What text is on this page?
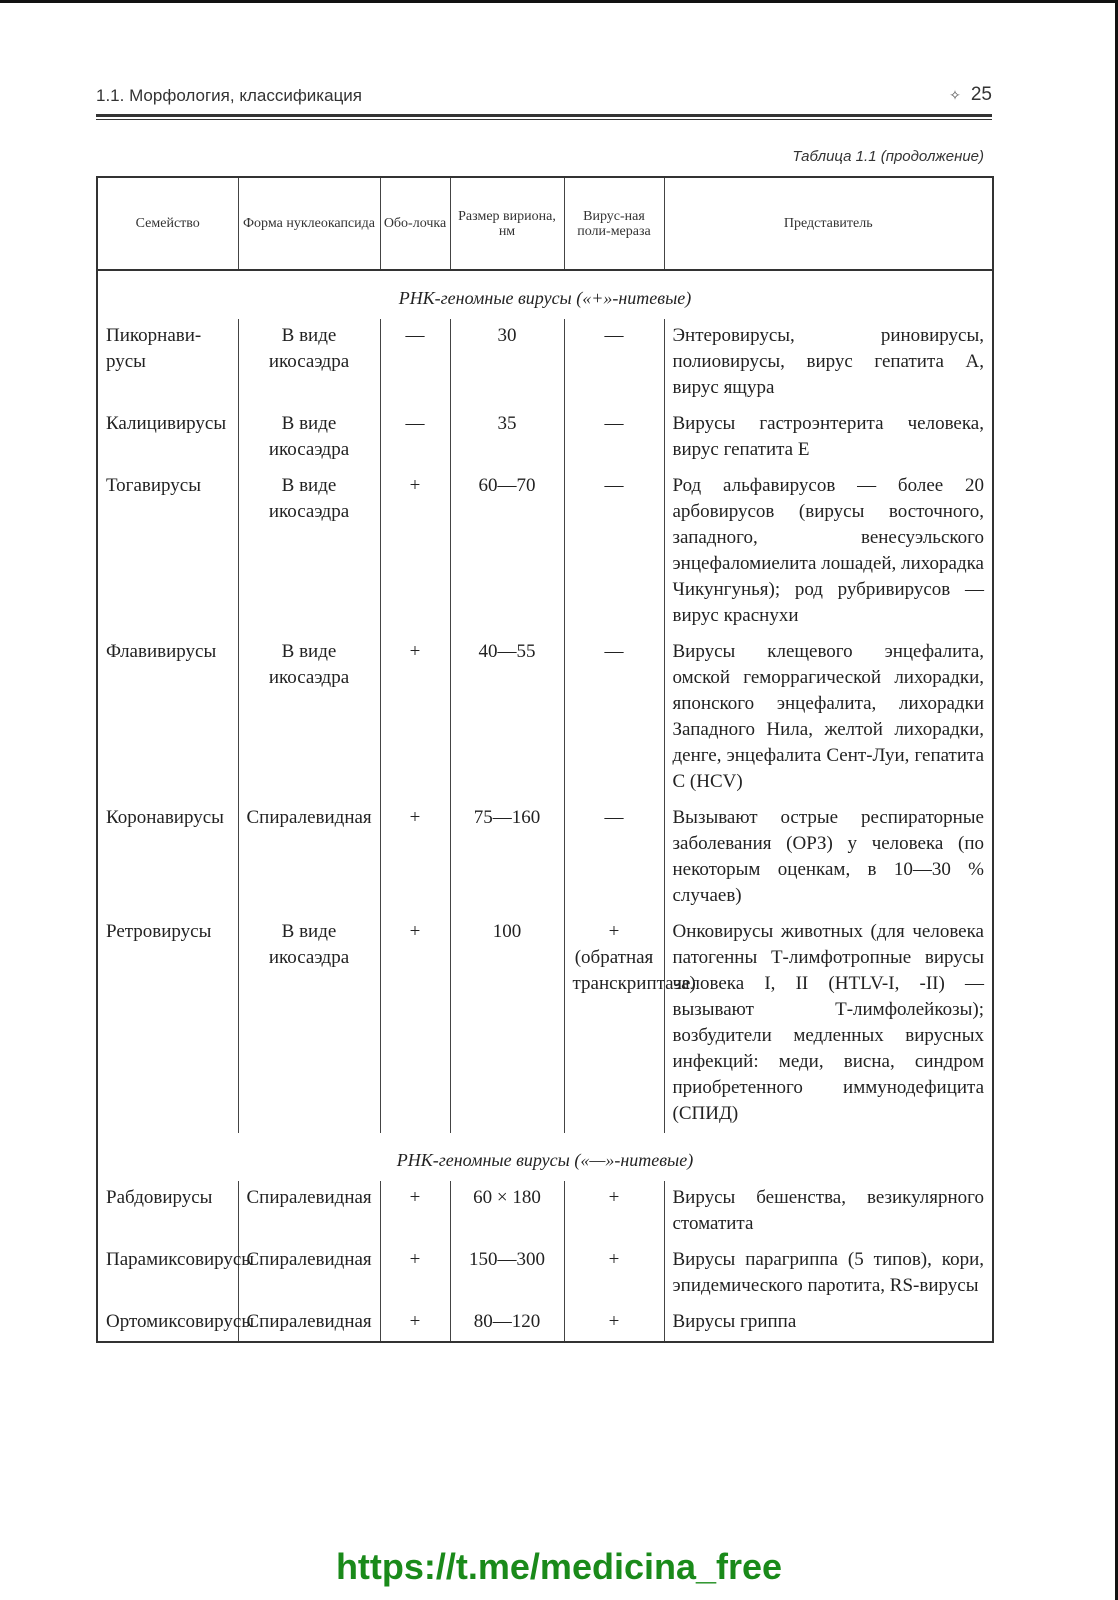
1.1. Морфология, классификация	✧ 25
Таблица 1.1 (продолжение)
Семейство	Форма нуклеокапсида	Обо-лочка	Размер вириона, нм	Вирус-ная поли-мераза	Представитель
РНК-геномные вирусы («+»-нитевые)					
Пикорнави-русы	В виде икосаэдра	—	30	—	Энтеровирусы, риновирусы, полиовирусы, вирус гепатита А, вирус ящура
Калицивирусы	В виде икосаэдра	—	35	—	Вирусы гастроэнтерита человека, вирус гепатита Е
Тогавирусы	В виде икосаэдра	+	60—70	—	Род альфавирусов — более 20 арбовирусов (вирусы восточного, западного, венесуэльского энцефаломиелита лошадей, лихорадка Чикунгунья); род рубривирусов — вирус краснухи
Флавивирусы	В виде икосаэдра	+	40—55	—	Вирусы клещевого энцефалита, омской геморрагической лихорадки, японского энцефалита, лихорадки Западного Нила, желтой лихорадки, денге, энцефалита Сент-Луи, гепатита С (HCV)
Коронавирусы	Спиралевидная	+	75—160	—	Вызывают острые респираторные заболевания (ОРЗ) у человека (по некоторым оценкам, в 10—30 % случаев)
Ретровирусы	В виде икосаэдра	+	100	+ (обратная транскриптаза)	Онковирусы животных (для человека патогенны Т-лимфотропные вирусы человека I, II (HTLV-I, -II) — вызывают Т-лимфолейкозы); возбудители медленных вирусных инфекций: меди, висна, синдром приобретенного иммунодефицита (СПИД)
РНК-геномные вирусы («—»-нитевые)					
Рабдовирусы	Спиралевидная	+	60 × 180	+	Вирусы бешенства, везикулярного стоматита
Парамиксовирусы	Спиралевидная	+	150—300	+	Вирусы парагриппа (5 типов), кори, эпидемического паротита, RS-вирусы
Ортомиксовирусы	Спиралевидная	+	80—120	+	Вирусы гриппа
https://t.me/medicina_free
